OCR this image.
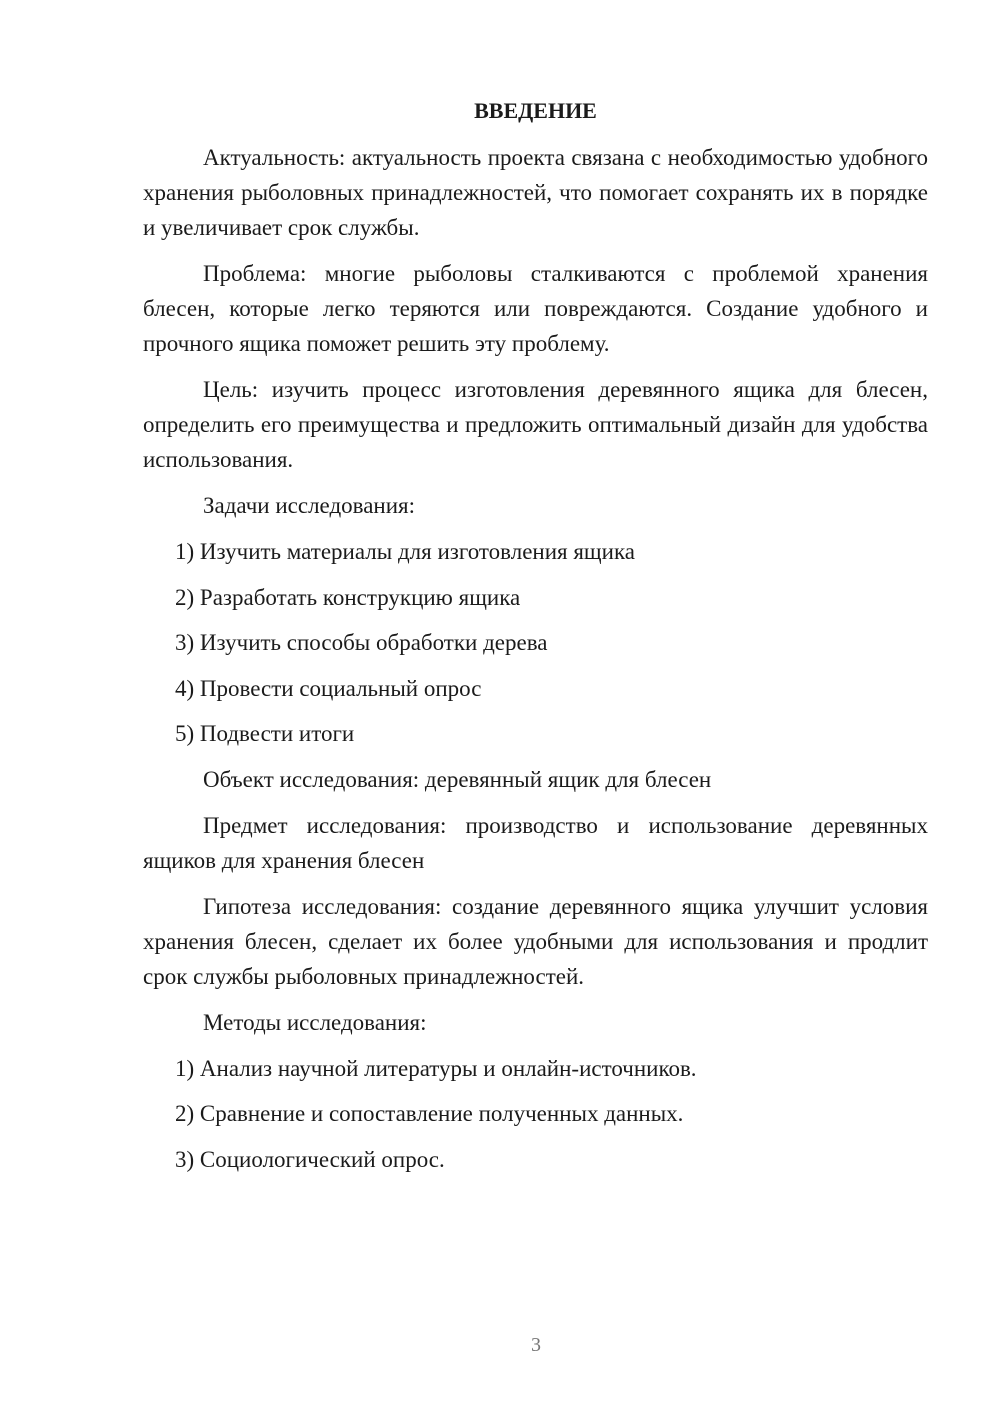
ВВЕДЕНИЕ

Актуальность: актуальность проекта связана с необходимостью удобного хранения рыболовных принадлежностей, что помогает сохранять их в порядке и увеличивает срок службы.

Проблема: многие рыболовы сталкиваются с проблемой хранения блесен, которые легко теряются или повреждаются. Создание удобного и прочного ящика поможет решить эту проблему.

Цель: изучить процесс изготовления деревянного ящика для блесен, определить его преимущества и предложить оптимальный дизайн для удобства использования.

Задачи исследования:

1) Изучить материалы для изготовления ящика

2) Разработать конструкцию ящика

3) Изучить способы обработки дерева

4) Провести социальный опрос

5) Подвести итоги

Объект исследования: деревянный ящик для блесен

Предмет исследования: производство и использование деревянных ящиков для хранения блесен

Гипотеза исследования: создание деревянного ящика улучшит условия хранения блесен, сделает их более удобными для использования и продлит срок службы рыболовных принадлежностей.

Методы исследования:

1) Анализ научной литературы и онлайн-источников.

2) Сравнение и сопоставление полученных данных.

3) Социологический опрос.

3
